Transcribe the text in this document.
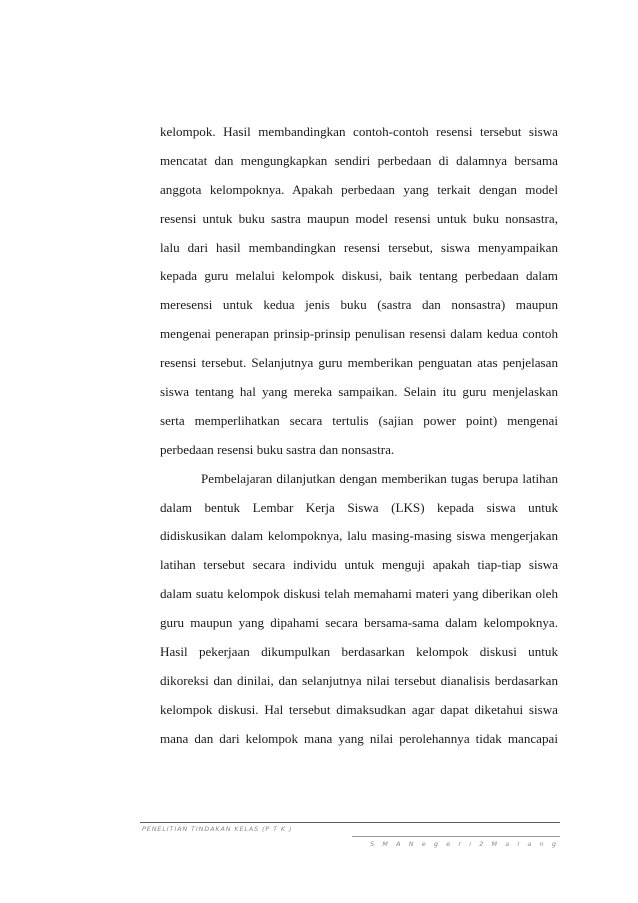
kelompok. Hasil membandingkan contoh-contoh resensi tersebut siswa
mencatat dan mengungkapkan sendiri perbedaan di dalamnya bersama
anggota kelompoknya. Apakah perbedaan yang terkait dengan model
resensi untuk buku sastra maupun model resensi untuk buku nonsastra,
lalu dari hasil membandingkan resensi tersebut, siswa menyampaikan
kepada guru melalui kelompok diskusi, baik tentang perbedaan dalam
meresensi untuk kedua jenis buku (sastra dan nonsastra) maupun
mengenai penerapan prinsip-prinsip penulisan resensi dalam kedua contoh
resensi tersebut. Selanjutnya guru memberikan penguatan atas penjelasan
siswa tentang hal yang mereka sampaikan. Selain itu guru menjelaskan
serta memperlihatkan secara tertulis (sajian power point) mengenai
perbedaan resensi buku sastra dan nonsastra.
Pembelajaran dilanjutkan dengan memberikan tugas berupa latihan
dalam bentuk Lembar Kerja Siswa (LKS) kepada siswa untuk
didiskusikan dalam kelompoknya, lalu masing-masing siswa mengerjakan
latihan tersebut secara individu untuk menguji apakah tiap-tiap siswa
dalam suatu kelompok diskusi telah memahami materi yang diberikan oleh
guru maupun yang dipahami secara bersama-sama dalam kelompoknya.
Hasil pekerjaan dikumpulkan berdasarkan kelompok diskusi untuk
dikoreksi dan dinilai, dan selanjutnya nilai tersebut dianalisis berdasarkan
kelompok diskusi. Hal tersebut dimaksudkan agar dapat diketahui siswa
mana dan dari kelompok mana yang nilai perolehannya tidak mancapai
PENELITIAN TINDAKAN KELAS (P T K )
S M A N e g e r i 2 M a l a n g
